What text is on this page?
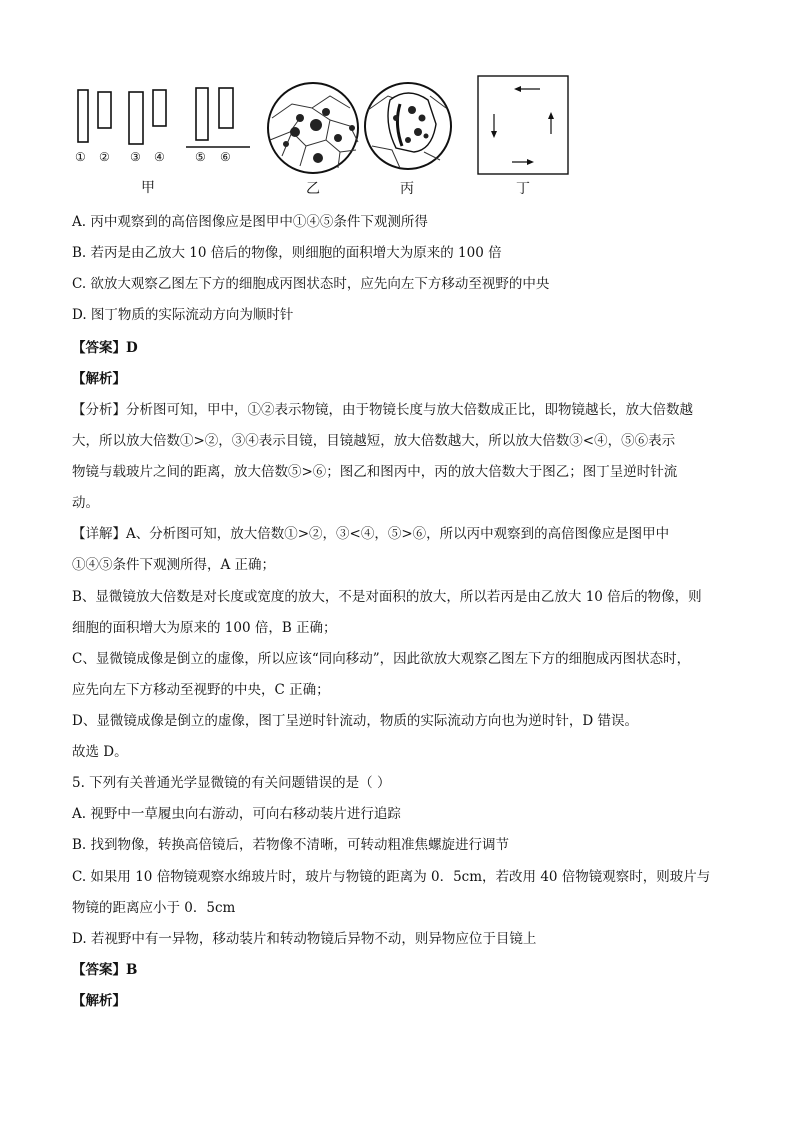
① ② ③ ④	⑤ ⑥
甲	乙	丙	丁
A. 丙中观察到的高倍图像应是图甲中①④⑤条件下观测所得
B. 若丙是由乙放大 10 倍后的物像，则细胞的面积增大为原来的 100 倍
C. 欲放大观察乙图左下方的细胞成丙图状态时，应先向左下方移动至视野的中央
D. 图丁物质的实际流动方向为顺时针
【答案】D
【解析】
【分析】分析图可知，甲中，①②表示物镜，由于物镜长度与放大倍数成正比，即物镜越长，放大倍数越
大，所以放大倍数①>②，③④表示目镜，目镜越短，放大倍数越大，所以放大倍数③<④，⑤⑥表示
物镜与载玻片之间的距离，放大倍数⑤>⑥；图乙和图丙中，丙的放大倍数大于图乙；图丁呈逆时针流
动。
【详解】A、分析图可知，放大倍数①>②，③<④，⑤>⑥，所以丙中观察到的高倍图像应是图甲中
①④⑤条件下观测所得，A 正确；
B、显微镜放大倍数是对长度或宽度的放大，不是对面积的放大，所以若丙是由乙放大 10 倍后的物像，则
细胞的面积增大为原来的 100 倍，B 正确；
C、显微镜成像是倒立的虚像，所以应该“同向移动”，因此欲放大观察乙图左下方的细胞成丙图状态时，
应先向左下方移动至视野的中央，C 正确；
D、显微镜成像是倒立的虚像，图丁呈逆时针流动，物质的实际流动方向也为逆时针，D 错误。
故选 D。
5. 下列有关普通光学显微镜的有关问题错误的是（ ）
A. 视野中一草履虫向右游动，可向右移动装片进行追踪
B. 找到物像，转换高倍镜后，若物像不清晰，可转动粗准焦螺旋进行调节
C. 如果用 10 倍物镜观察水绵玻片时，玻片与物镜的距离为 0．5cm，若改用 40 倍物镜观察时，则玻片与
物镜的距离应小于 0．5cm
D. 若视野中有一异物，移动装片和转动物镜后异物不动，则异物应位于目镜上
【答案】B
【解析】
